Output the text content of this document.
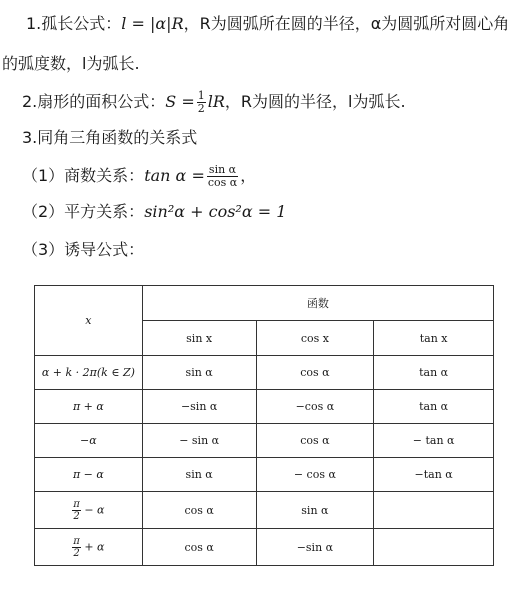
1.孤长公式：l = |α|R，R为圆弧所在圆的半径，α为圆弧所对圆心角
的弧度数，l为弧长.
2.扇形的面积公式：$S = \frac{1}{2}$ lR，R为圆的半径，l为弧长.
3.同角三角函数的关系式
（1）商数关系：$\tan \alpha = \frac{\text{sin α}}{\text{cos α}}$ ，
（2）平方关系：sin²α + cos²α = 1
（3）诱导公式：
x	函数		
	sin x	cos x	tan x
α + k · 2π(k ∈ Z)	sin α	cos α	tan α
π + α	−sin α	−cos α	tan α
−α	− sin α	cos α	− tan α
π − α	sin α	− cos α	−tan α

$\frac{\pi}{2} - \alpha$	cos α	sin α	

$\frac{\pi}{2} + \alpha$	cos α	−sin α	
